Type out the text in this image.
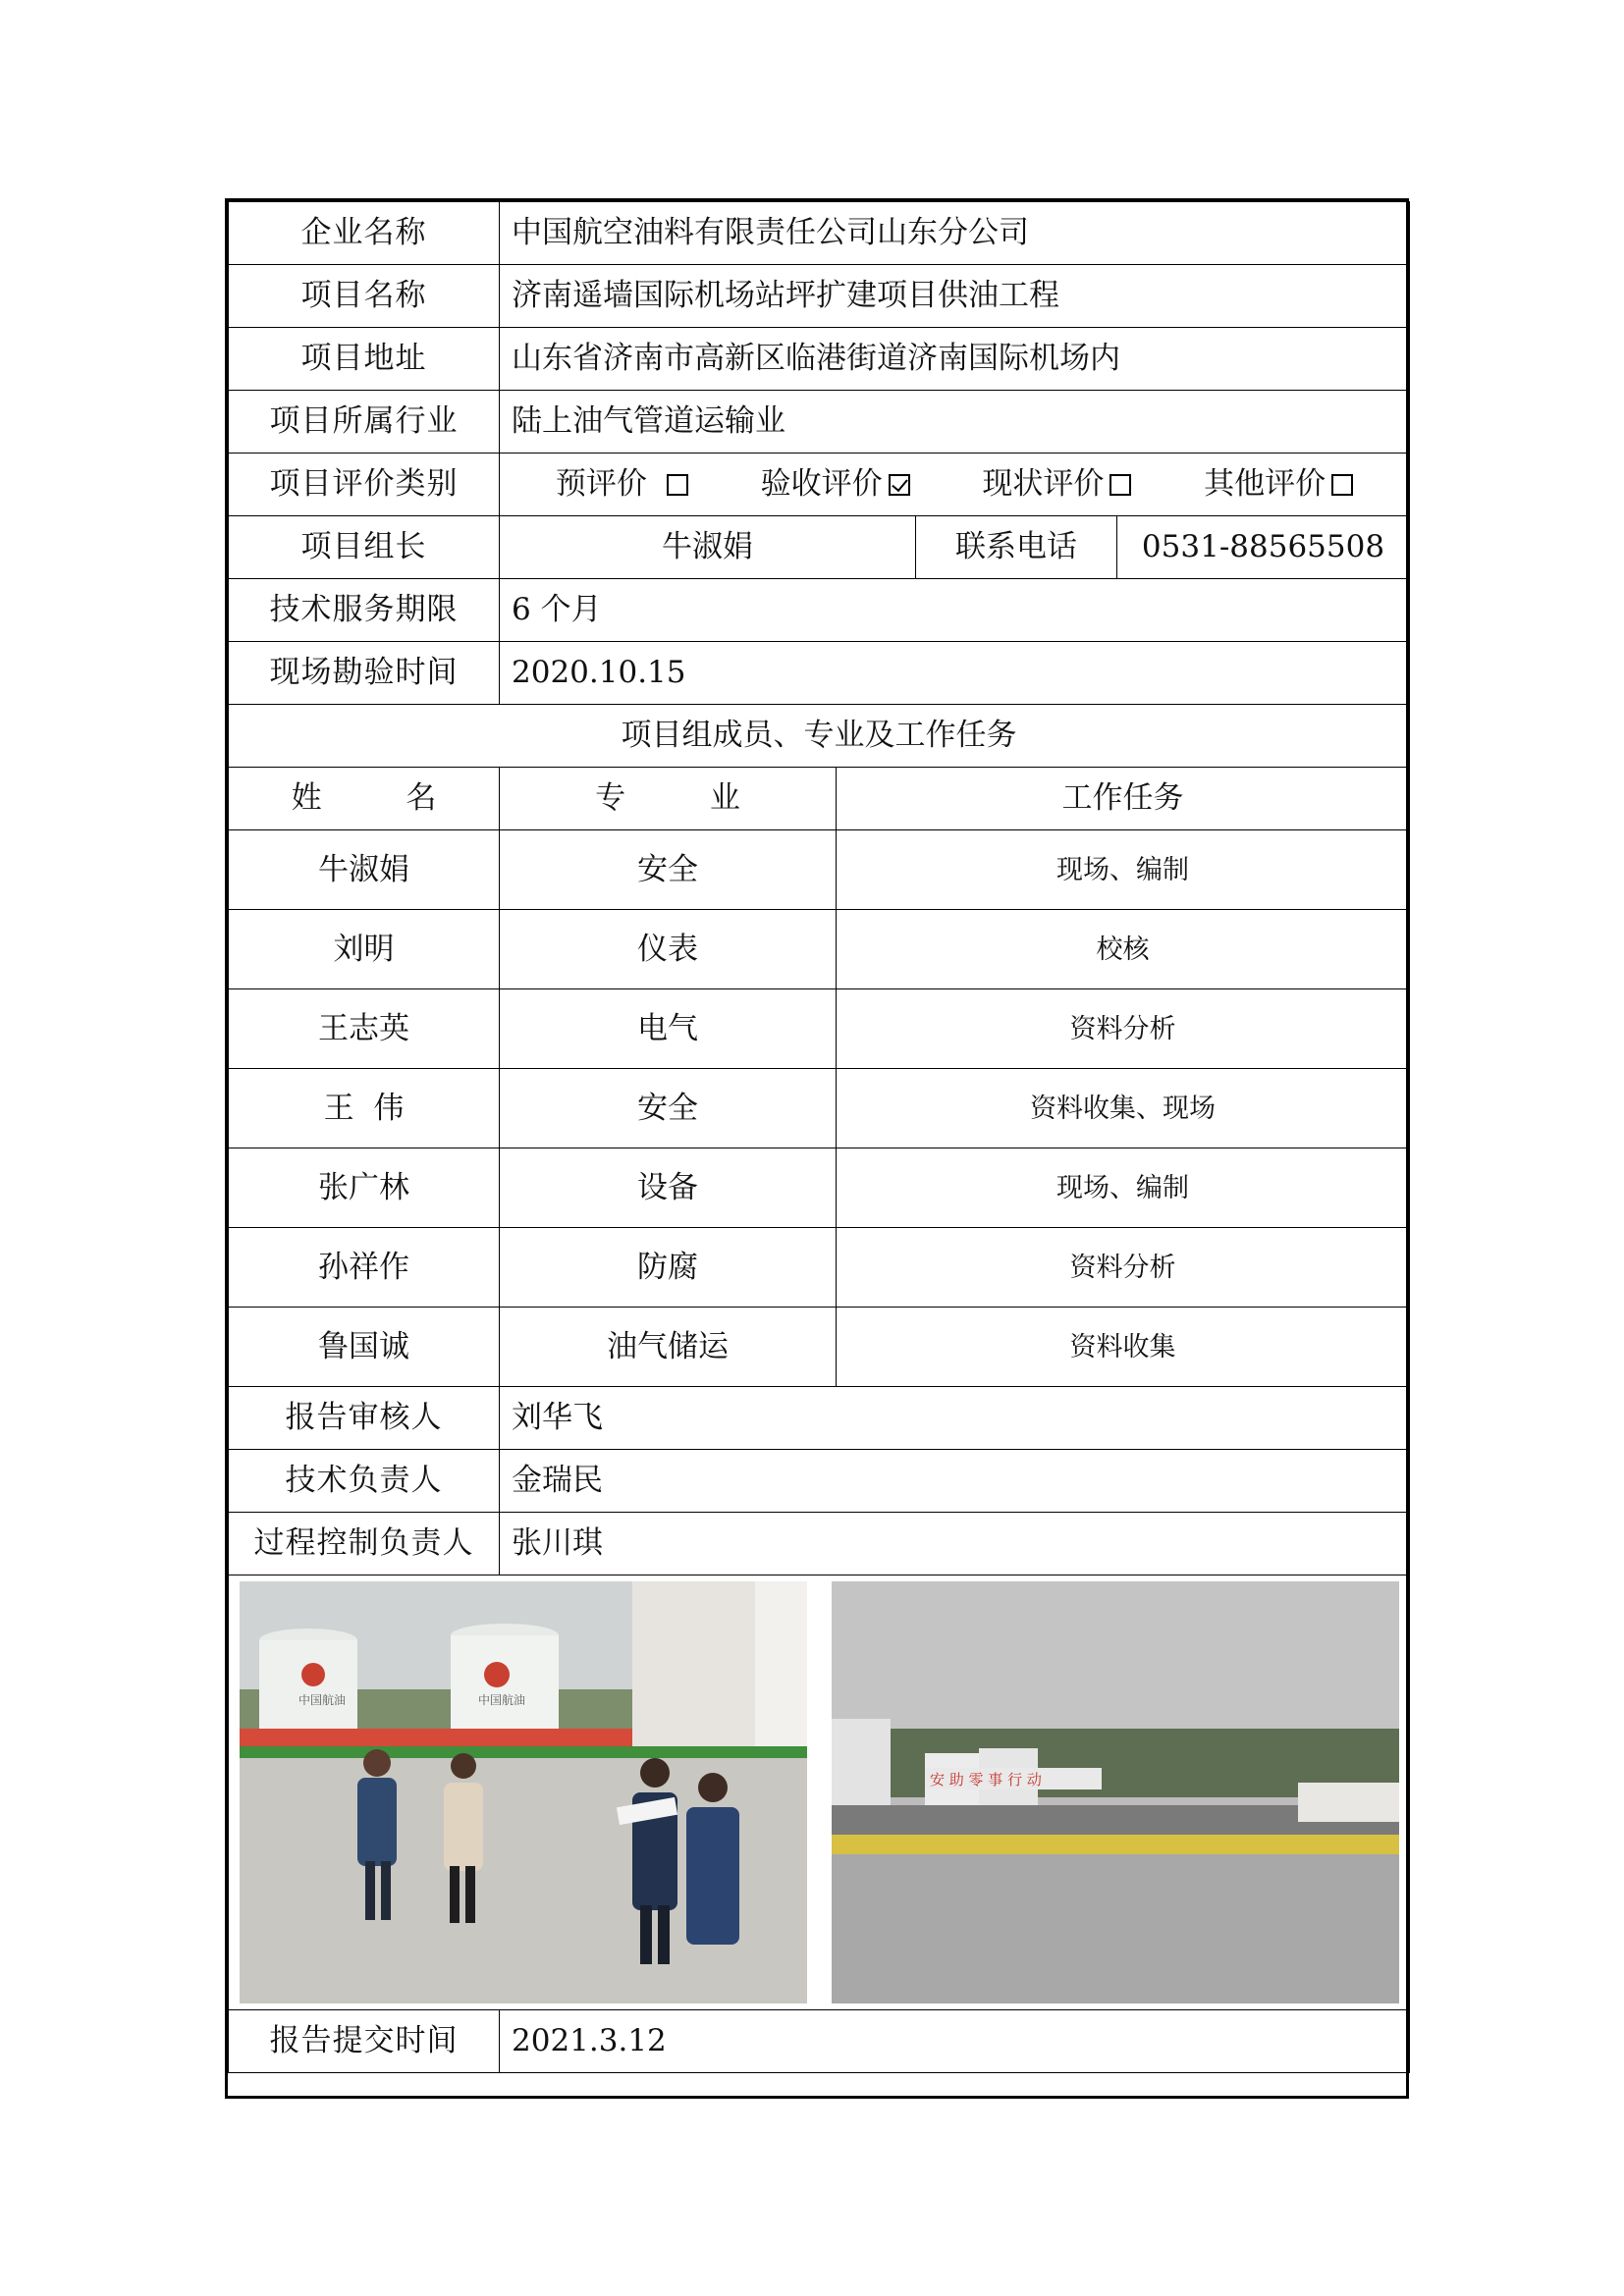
企业名称	中国航空油料有限责任公司山东分公司			
项目名称	济南遥墙国际机场站坪扩建项目供油工程			
项目地址	山东省济南市高新区临港街道济南国际机场内			
项目所属行业	陆上油气管道运输业			
项目评价类别	预评价 验收评价 现状评价 其他评价			

项目组长	牛淑娟		联系电话	0531-88565508
技术服务期限	6 个月			
现场勘验时间	2020.10.15			
项目组成员、专业及工作任务				
姓 名	专 业	工作任务		
牛淑娟	安全	现场、编制		
刘明	仪表	校核		
王志英	电气	资料分析		
王  伟	安全	资料收集、现场		
张广林	设备	现场、编制		
孙祥作	防腐	资料分析		
鲁国诚	油气储运	资料收集		
报告审核人	刘华飞			
技术负责人	金瑞民			
过程控制负责人	张川琪			

中国航油 中国航油
安 助 零 事 行 动				

报告提交时间	2021.3.12			
